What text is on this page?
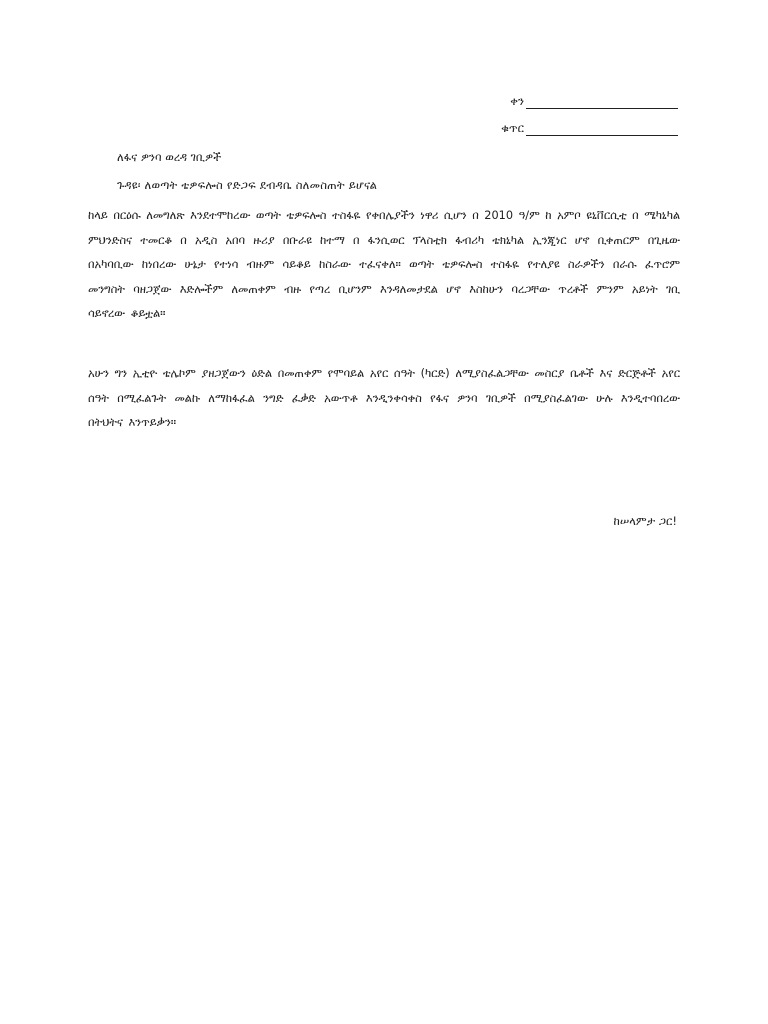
ቀን
ቁጥር
ለፋና ዎንባ ወረዳ ገቢዎች
ጉዳዩ፡ ለወጣት ቴዎፍሎስ የድጋፍ ደብዳቤ ስለመስጠት ይሆናል
ከላይ በርዕሱ ለመግለጽ እንደተሞከረው ወጣት ቴዎፍሎስ ተስፋዬ የቀበሌያችን ነዋሪ ሲሆን በ 2010 ዓ/ም ከ አምቦ ዩኒቨርሲቲ በ ሜካኒካል ምህንድስና ተመርቆ በ አዲስ አበባ ዙሪያ በቡራዩ ከተማ በ ፋንሲወር ፕላስቲክ ፋብሪካ ቴክኒካል ኢንጂነር ሆኖ ቢቀጠርም በጊዜው በአካባቢው ከነበረው ሁኔታ የተነሳ ብዙም ሳይቆይ ከስራው ተፈናቀለ። ወጣት ቴዎፍሎስ ተስፋዬ የተለያዩ ስራዎችን በራሱ ፈጥሮም መንግስት ባዘጋጀው እድሎችም ለመጠቀም ብዙ የጣረ ቢሆንም እንዳለመታደል ሆኖ እስከሁን ባረጋቸው ጥረቶች ምንም አይነት ገቢ ሳይኖረው ቆይቷል።
አሁን ግን ኢቲዮ ቴሌኮም ያዘጋጀውን ዕድል በመጠቀም የሞባይል አየር ሰዓት (ካርድ) ለሚያስፈልጋቸው መስርያ ቤቶች እና ድርጅቶች አየር ሰዓት በሚፈልጉት መልኩ ለማከፋፈል ንግድ ፈቃድ አውጥቶ እንዲንቀሳቀስ የፋና ዎንባ ገቢዎች በሚያስፈልገው ሁሉ እንዲተባበረው በትህትና እንጥይቃን።
ከሠላምታ ጋር!
